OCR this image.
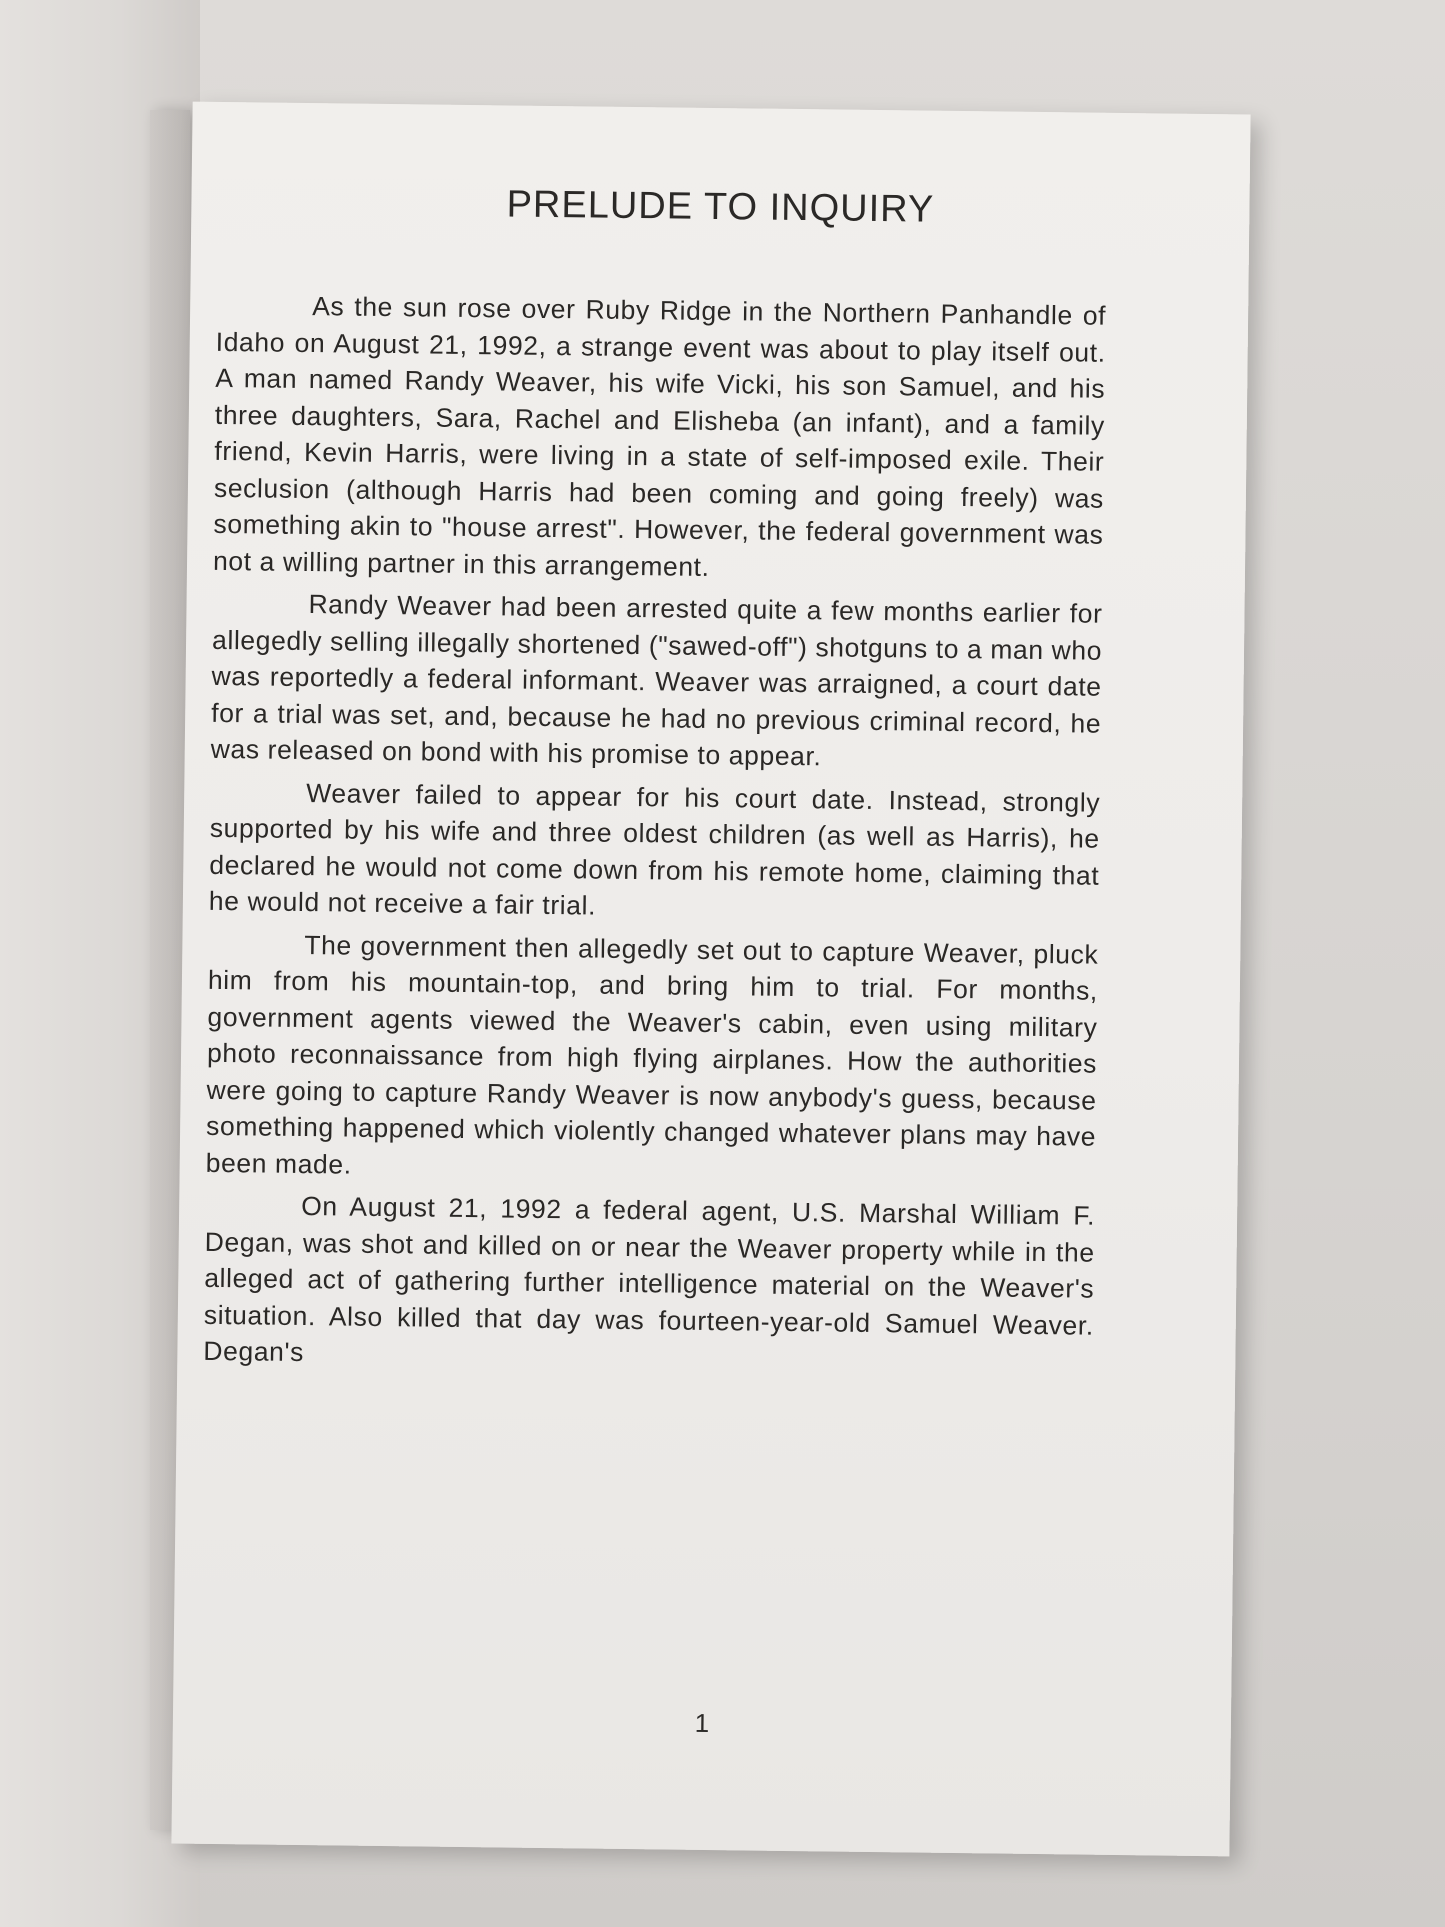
PRELUDE TO INQUIRY

As the sun rose over Ruby Ridge in the Northern Panhandle of Idaho on August 21, 1992, a strange event was about to play itself out. A man named Randy Weaver, his wife Vicki, his son Samuel, and his three daughters, Sara, Rachel and Elisheba (an infant), and a family friend, Kevin Harris, were living in a state of self-imposed exile. Their seclusion (although Harris had been coming and going freely) was something akin to "house arrest". However, the federal government was not a willing partner in this arrangement.

Randy Weaver had been arrested quite a few months earlier for allegedly selling illegally shortened ("sawed-off") shotguns to a man who was reportedly a federal informant. Weaver was arraigned, a court date for a trial was set, and, because he had no previous criminal record, he was released on bond with his promise to appear.

Weaver failed to appear for his court date. Instead, strongly supported by his wife and three oldest children (as well as Harris), he declared he would not come down from his remote home, claiming that he would not receive a fair trial.

The government then allegedly set out to capture Weaver, pluck him from his mountain-top, and bring him to trial. For months, government agents viewed the Weaver's cabin, even using military photo reconnaissance from high flying airplanes. How the authorities were going to capture Randy Weaver is now anybody's guess, because something happened which violently changed whatever plans may have been made.

On August 21, 1992 a federal agent, U.S. Marshal William F. Degan, was shot and killed on or near the Weaver property while in the alleged act of gathering further intelligence material on the Weaver's situation. Also killed that day was fourteen-year-old Samuel Weaver. Degan's

1
